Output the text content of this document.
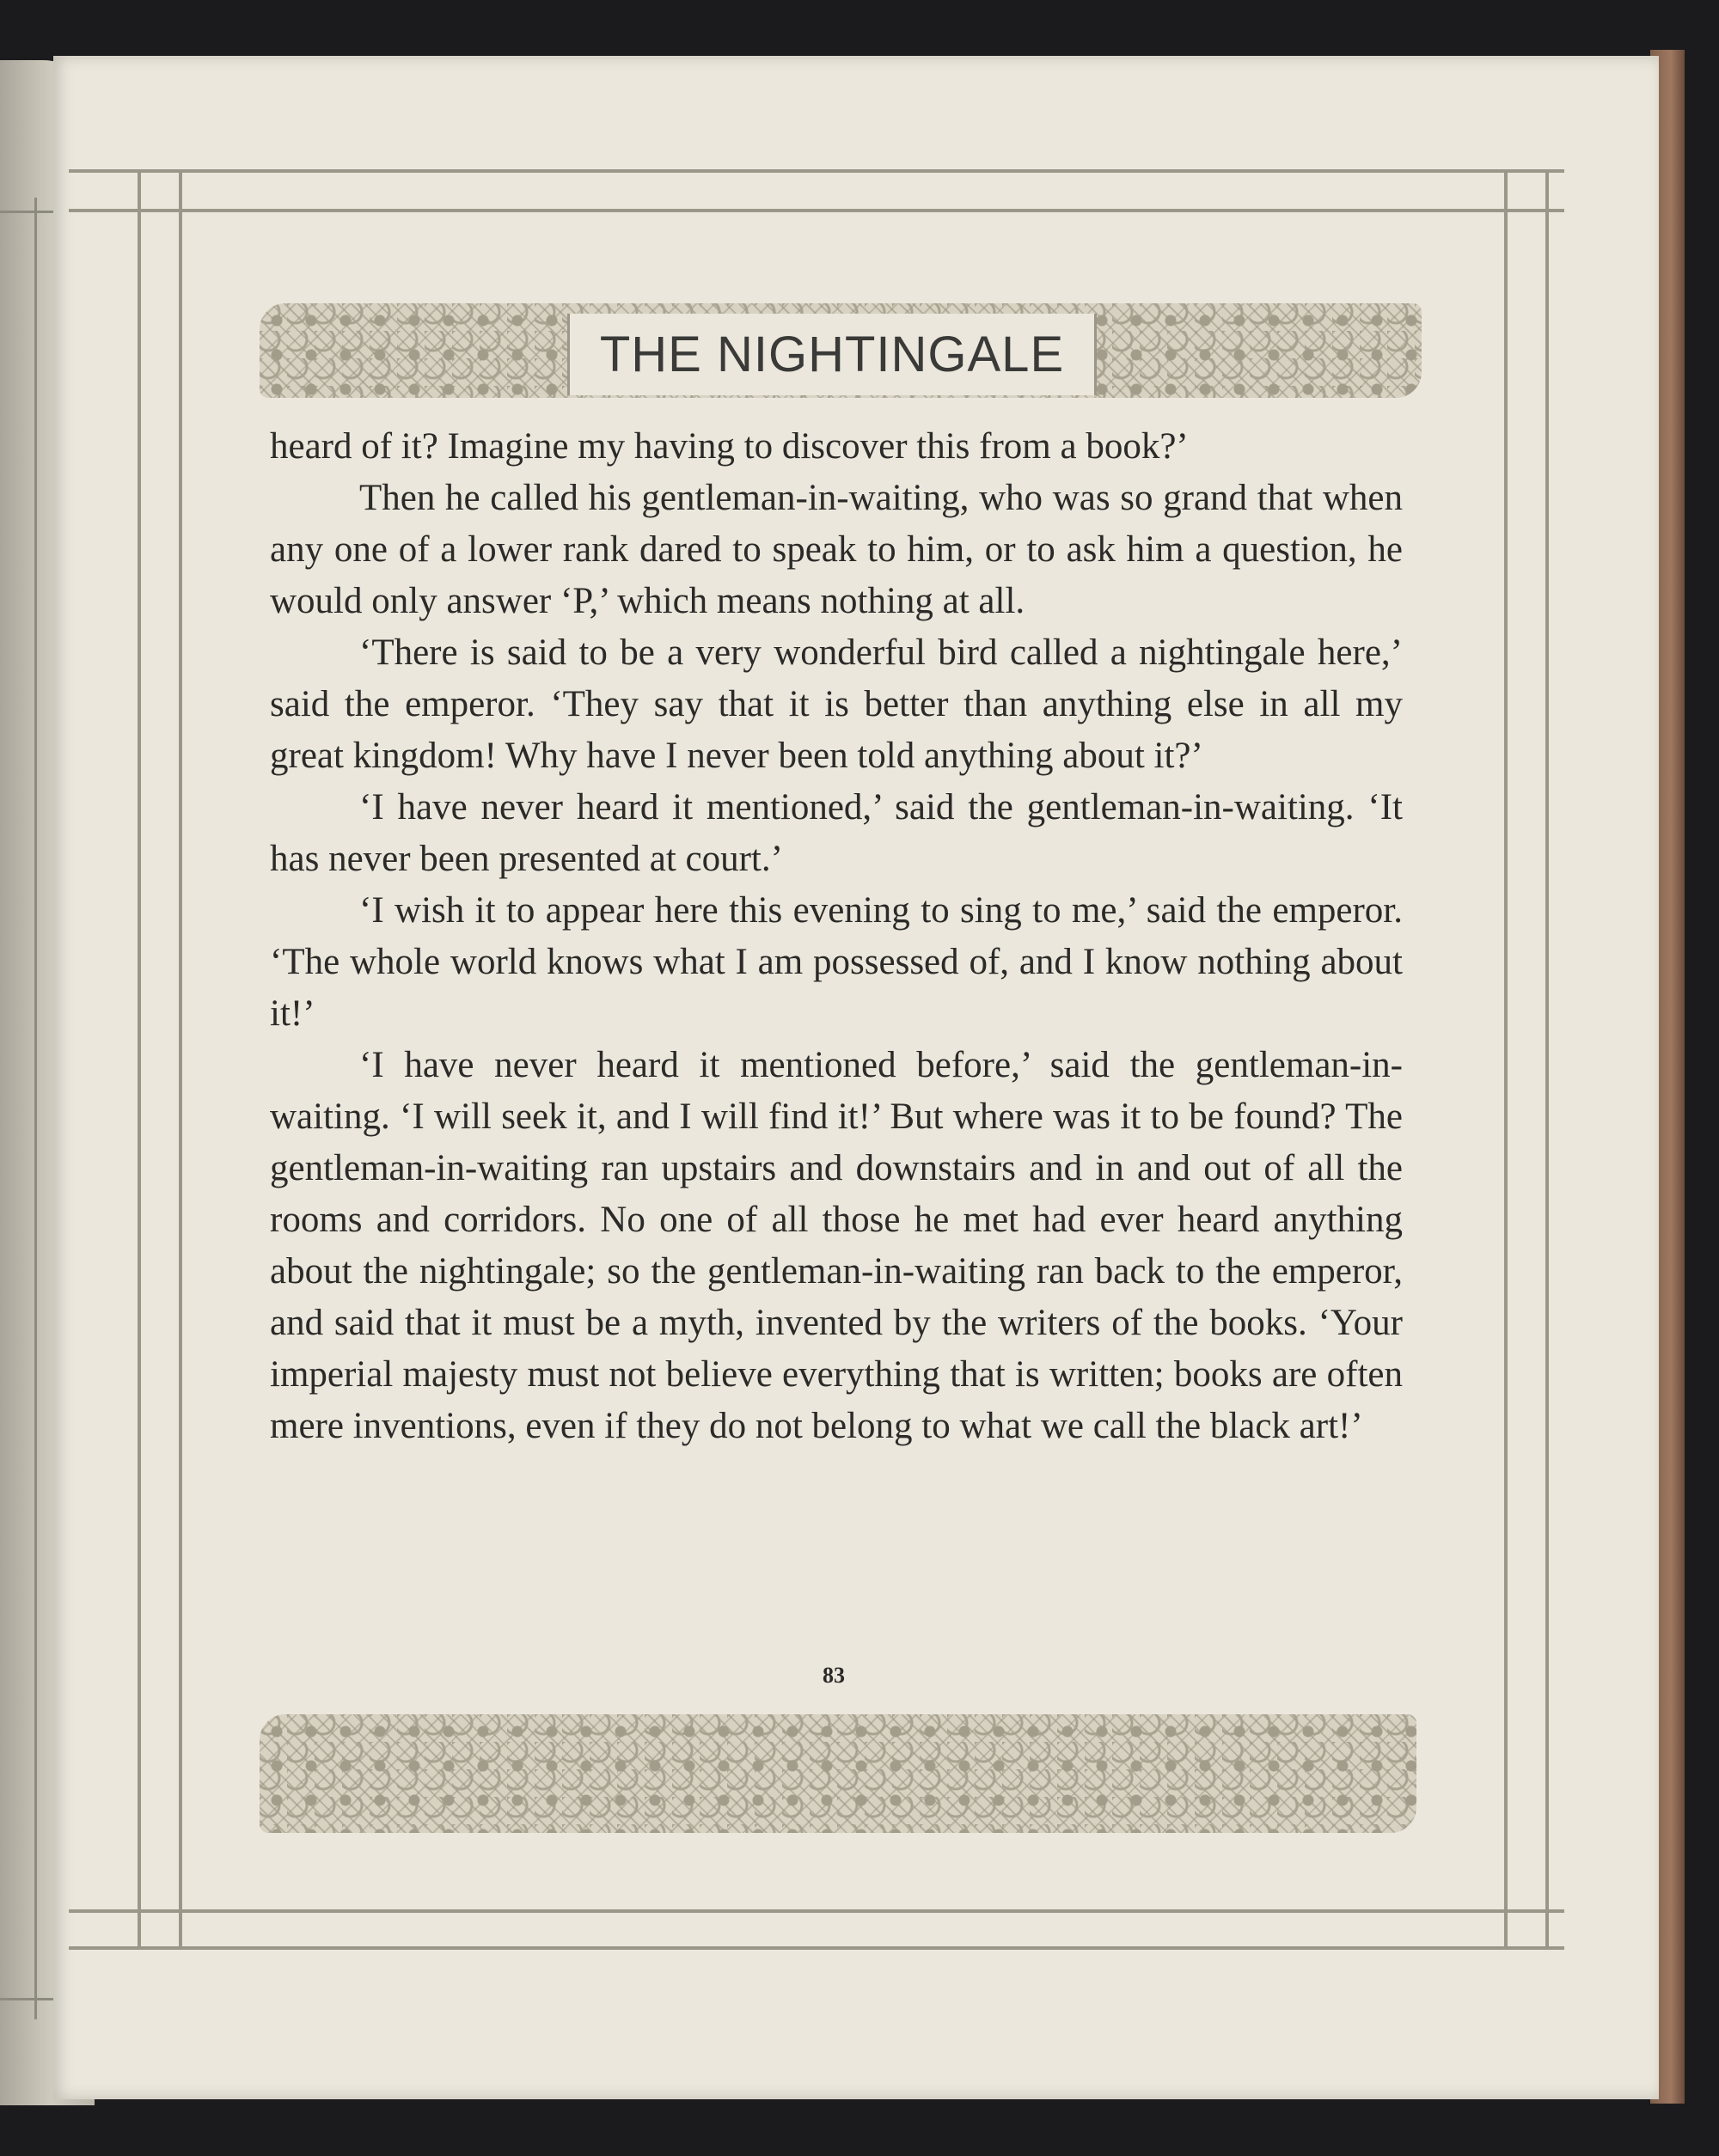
THE NIGHTINGALE

heard of it? Imagine my having to discover this from a book?’

Then he called his gentleman-in-waiting, who was so grand that when any one of a lower rank dared to speak to him, or to ask him a question, he would only answer ‘P,’ which means nothing at all.

‘There is said to be a very wonderful bird called a nightingale here,’ said the emperor. ‘They say that it is better than anything else in all my great kingdom! Why have I never been told anything about it?’

‘I have never heard it mentioned,’ said the gentleman-in-waiting. ‘It has never been presented at court.’

‘I wish it to appear here this evening to sing to me,’ said the emperor. ‘The whole world knows what I am possessed of, and I know nothing about it!’

‘I have never heard it mentioned before,’ said the gentleman-in-waiting. ‘I will seek it, and I will find it!’ But where was it to be found? The gentleman-in-waiting ran upstairs and downstairs and in and out of all the rooms and corridors. No one of all those he met had ever heard anything about the nightingale; so the gentleman-in-waiting ran back to the emperor, and said that it must be a myth, invented by the writers of the books. ‘Your imperial majesty must not believe everything that is written; books are often mere inventions, even if they do not belong to what we call the black art!’

83
